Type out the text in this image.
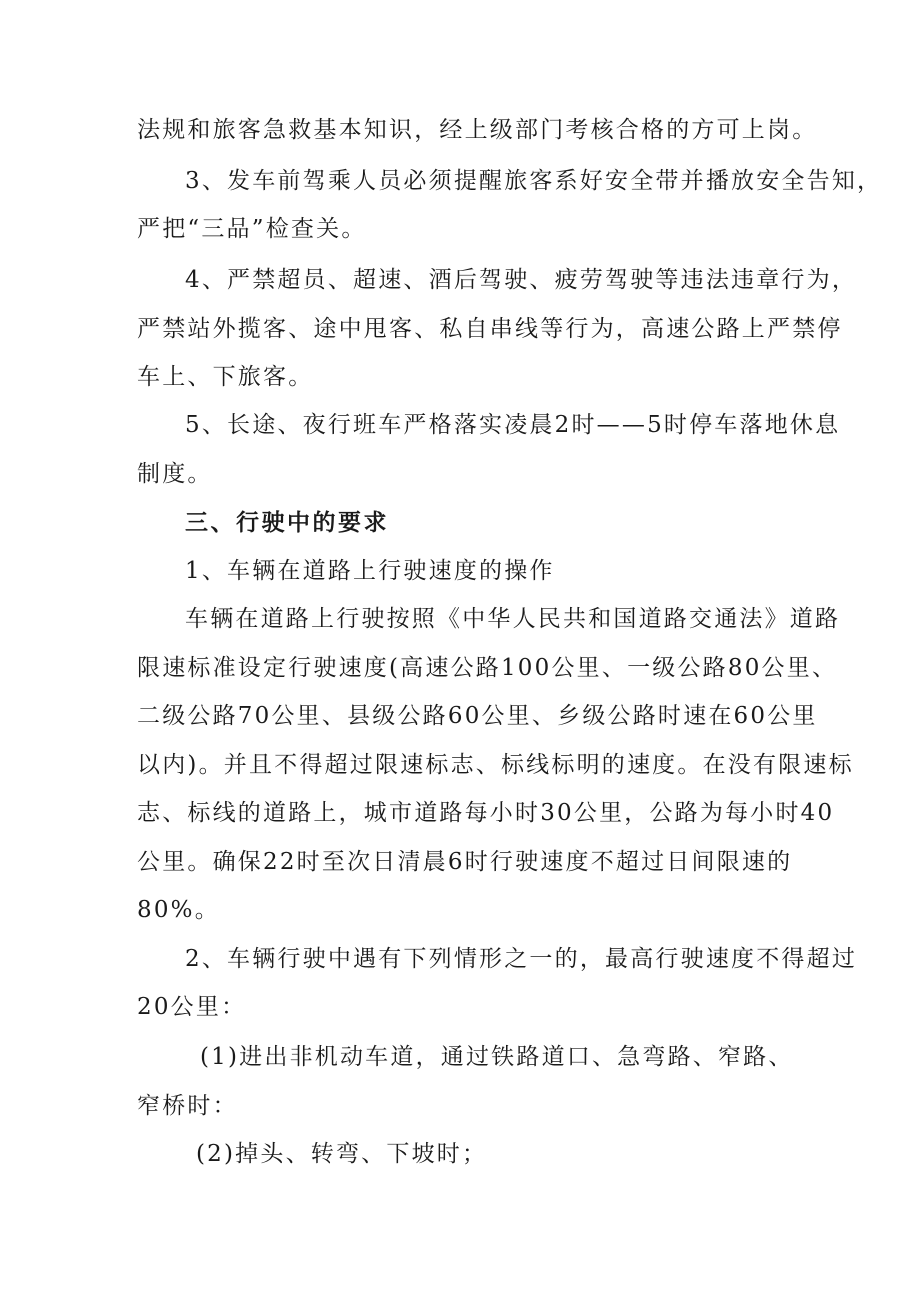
法规和旅客急救基本知识，经上级部门考核合格的方可上岗。
3、发车前驾乘人员必须提醒旅客系好安全带并播放安全告知，
严把“三品”检查关。
4、严禁超员、超速、酒后驾驶、疲劳驾驶等违法违章行为，
严禁站外揽客、途中甩客、私自串线等行为，高速公路上严禁停
车上、下旅客。
5、长途、夜行班车严格落实凌晨2时——5时停车落地休息
制度。
三、行驶中的要求
1、车辆在道路上行驶速度的操作
车辆在道路上行驶按照《中华人民共和国道路交通法》道路
限速标准设定行驶速度(高速公路100公里、一级公路80公里、
二级公路70公里、县级公路60公里、乡级公路时速在60公里
以内)。并且不得超过限速标志、标线标明的速度。在没有限速标
志、标线的道路上，城市道路每小时30公里，公路为每小时40
公里。确保22时至次日清晨6时行驶速度不超过日间限速的
80%。
2、车辆行驶中遇有下列情形之一的，最高行驶速度不得超过
20公里：
(1)进出非机动车道，通过铁路道口、急弯路、窄路、
窄桥时：
(2)掉头、转弯、下坡时；
